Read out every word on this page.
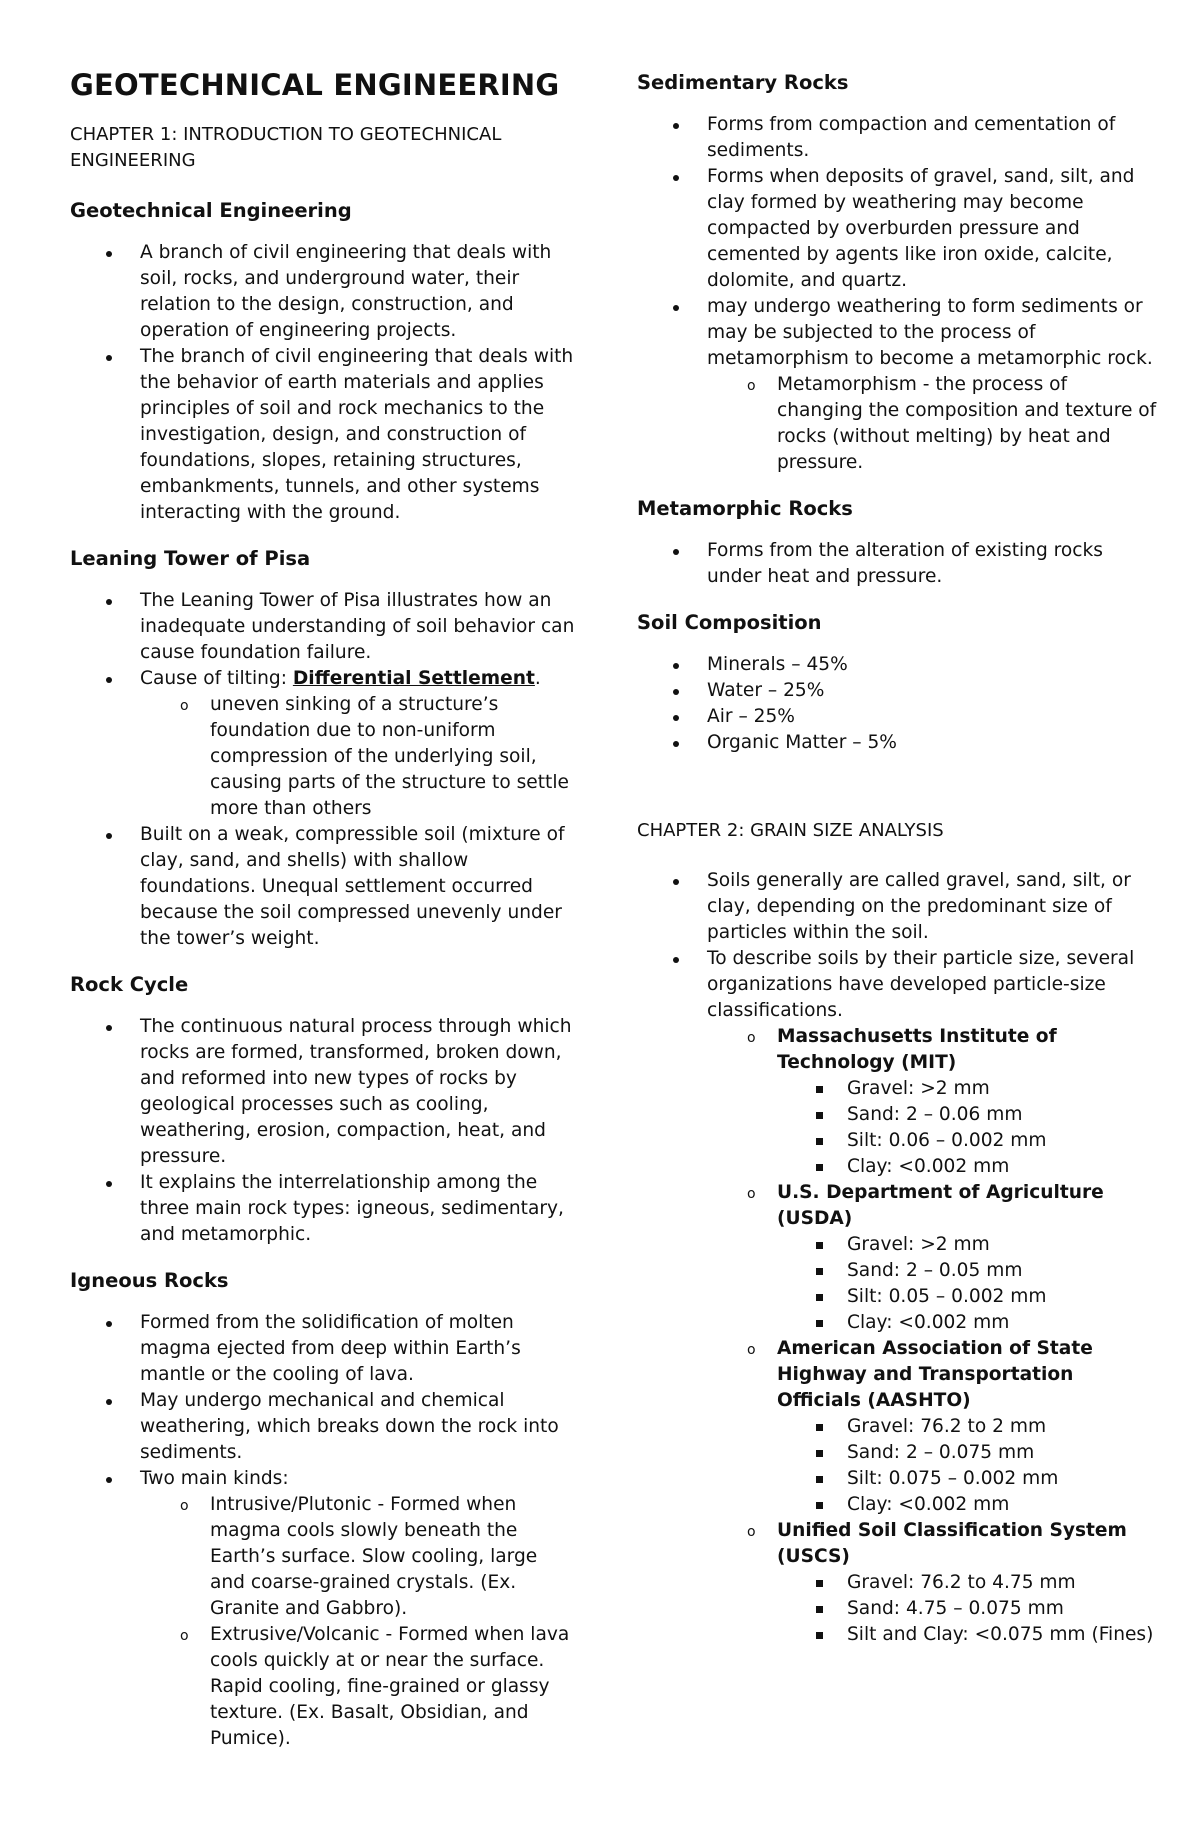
GEOTECHNICAL ENGINEERING

CHAPTER 1: INTRODUCTION TO GEOTECHNICAL ENGINEERING

Geotechnical Engineering
A branch of civil engineering that deals with soil, rocks, and underground water, their relation to the design, construction, and operation of engineering projects.
The branch of civil engineering that deals with the behavior of earth materials and applies principles of soil and rock mechanics to the investigation, design, and construction of foundations, slopes, retaining structures, embankments, tunnels, and other systems interacting with the ground.
Leaning Tower of Pisa
The Leaning Tower of Pisa illustrates how an inadequate understanding of soil behavior can cause foundation failure.
Cause of tilting: Differential Settlement.
o uneven sinking of a structure’s foundation due to non-uniform compression of the underlying soil, causing parts of the structure to settle more than others
Built on a weak, compressible soil (mixture of clay, sand, and shells) with shallow foundations. Unequal settlement occurred because the soil compressed unevenly under the tower’s weight.
Rock Cycle
The continuous natural process through which rocks are formed, transformed, broken down, and reformed into new types of rocks by geological processes such as cooling, weathering, erosion, compaction, heat, and pressure.
It explains the interrelationship among the three main rock types: igneous, sedimentary, and metamorphic.
Igneous Rocks
Formed from the solidification of molten magma ejected from deep within Earth’s mantle or the cooling of lava.
May undergo mechanical and chemical weathering, which breaks down the rock into sediments.
Two main kinds:
o Intrusive/Plutonic - Formed when magma cools slowly beneath the Earth’s surface. Slow cooling, large and coarse-grained crystals. (Ex. Granite and Gabbro).
o Extrusive/Volcanic - Formed when lava cools quickly at or near the surface. Rapid cooling, fine-grained or glassy texture. (Ex. Basalt, Obsidian, and Pumice).
Sedimentary Rocks
Forms from compaction and cementation of sediments.
Forms when deposits of gravel, sand, silt, and clay formed by weathering may become compacted by overburden pressure and cemented by agents like iron oxide, calcite, dolomite, and quartz.
may undergo weathering to form sediments or may be subjected to the process of metamorphism to become a metamorphic rock.
o Metamorphism - the process of changing the composition and texture of rocks (without melting) by heat and pressure.
Metamorphic Rocks
Forms from the alteration of existing rocks under heat and pressure.
Soil Composition
Minerals – 45%
Water – 25%
Air – 25%
Organic Matter – 5%

CHAPTER 2: GRAIN SIZE ANALYSIS

Soils generally are called gravel, sand, silt, or clay, depending on the predominant size of particles within the soil.
To describe soils by their particle size, several organizations have developed particle-size classifications.
o Massachusetts Institute of Technology (MIT)
Gravel: >2 mm
Sand: 2 – 0.06 mm
Silt: 0.06 – 0.002 mm
Clay: <0.002 mm
o U.S. Department of Agriculture (USDA)
Gravel: >2 mm
Sand: 2 – 0.05 mm
Silt: 0.05 – 0.002 mm
Clay: <0.002 mm
o American Association of State Highway and Transportation Officials (AASHTO)
Gravel: 76.2 to 2 mm
Sand: 2 – 0.075 mm
Silt: 0.075 – 0.002 mm
Clay: <0.002 mm
o Unified Soil Classification System (USCS)
Gravel: 76.2 to 4.75 mm
Sand: 4.75 – 0.075 mm
Silt and Clay: <0.075 mm (Fines)
